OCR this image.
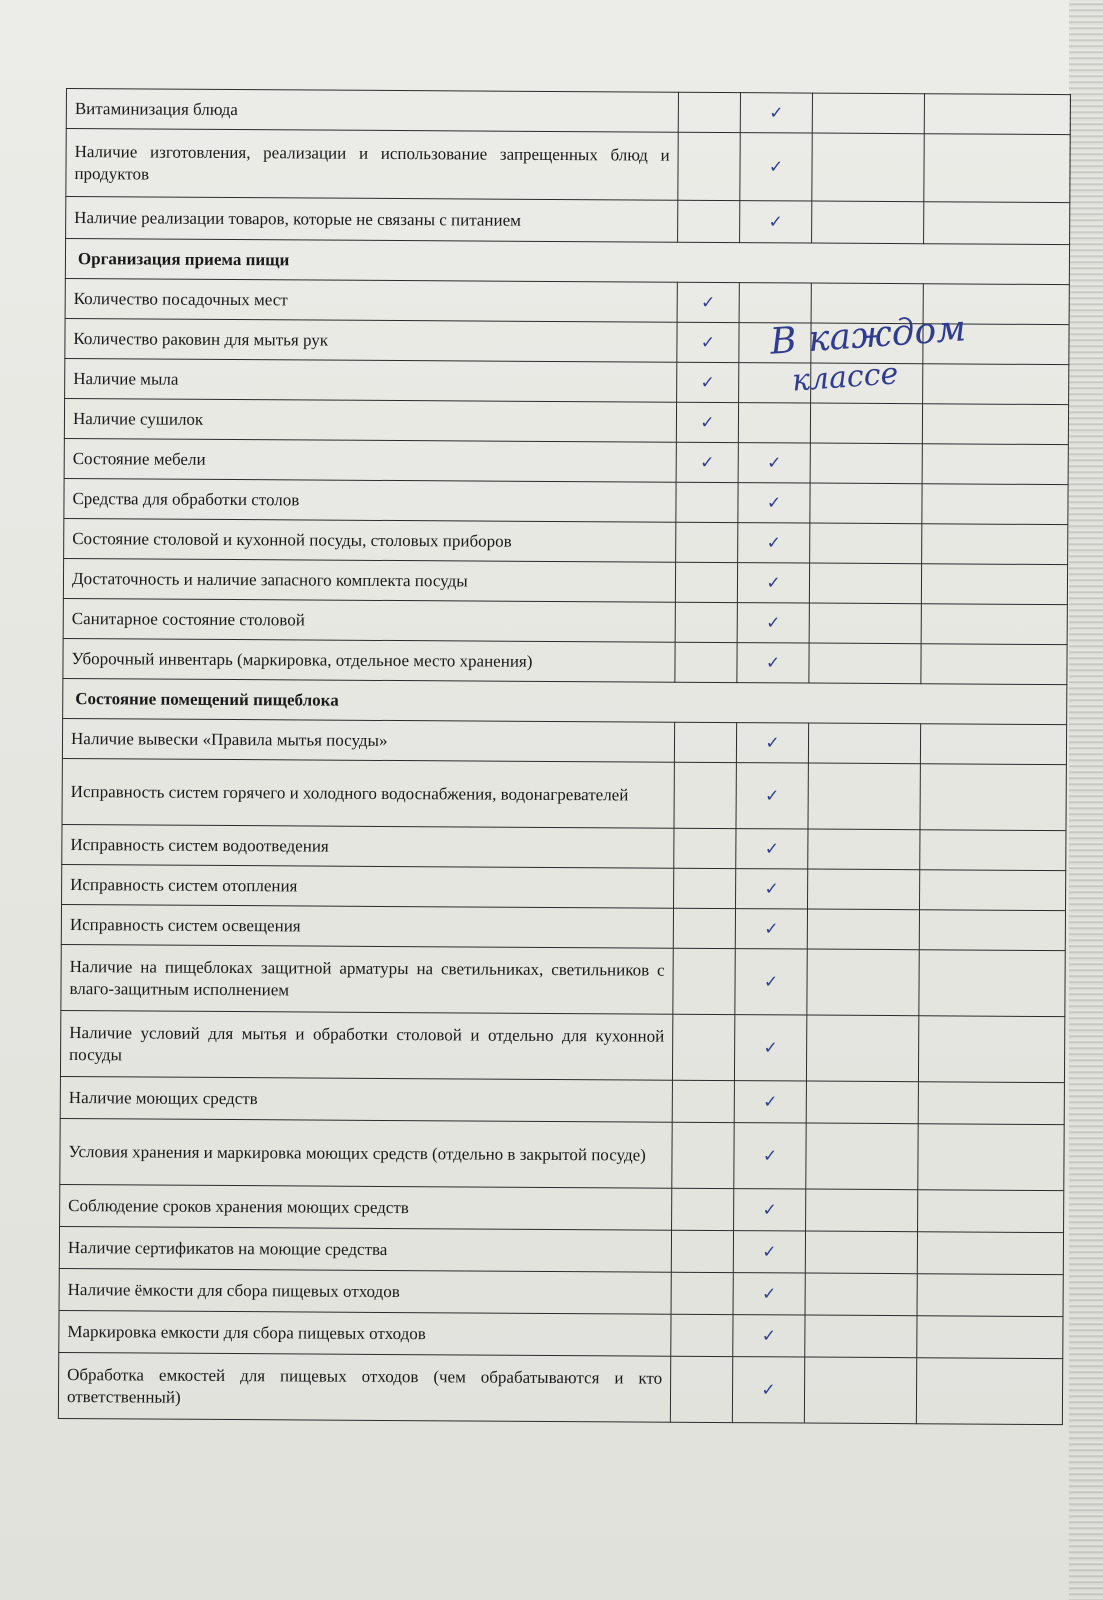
Витаминизация блюда		✓		
Наличие изготовления, реализации и использование запрещенных блюд и продуктов		✓		
Наличие реализации товаров, которые не связаны с питанием		✓		
Организация приема пищи				
Количество посадочных мест	✓			
Количество раковин для мытья рук	✓			
Наличие мыла	✓			
Наличие сушилок	✓			
Состояние мебели	✓	✓		
Средства для обработки столов		✓		
Состояние столовой и кухонной посуды, столовых приборов		✓		
Достаточность и наличие запасного комплекта посуды		✓		
Санитарное состояние столовой		✓		
Уборочный инвентарь (маркировка, отдельное место хранения)		✓		
Состояние помещений пищеблока				
Наличие вывески «Правила мытья посуды»		✓		
Исправность систем горячего и холодного водоснабжения, водонагревателей		✓		
Исправность систем водоотведения		✓		
Исправность систем отопления		✓		
Исправность систем освещения		✓		
Наличие на пищеблоках защитной арматуры на светильниках, светильников с влаго-защитным исполнением		✓		
Наличие условий для мытья и обработки столовой и отдельно для кухонной посуды		✓		
Наличие моющих средств		✓		
Условия хранения и маркировка моющих средств (отдельно в закрытой посуде)		✓		
Соблюдение сроков хранения моющих средств		✓		
Наличие сертификатов на моющие средства		✓		
Наличие ёмкости для сбора пищевых отходов		✓		
Маркировка емкости для сбора пищевых отходов		✓		
Обработка емкостей для пищевых отходов (чем обрабатываются и кто ответственный)		✓		
В каждом
классе
